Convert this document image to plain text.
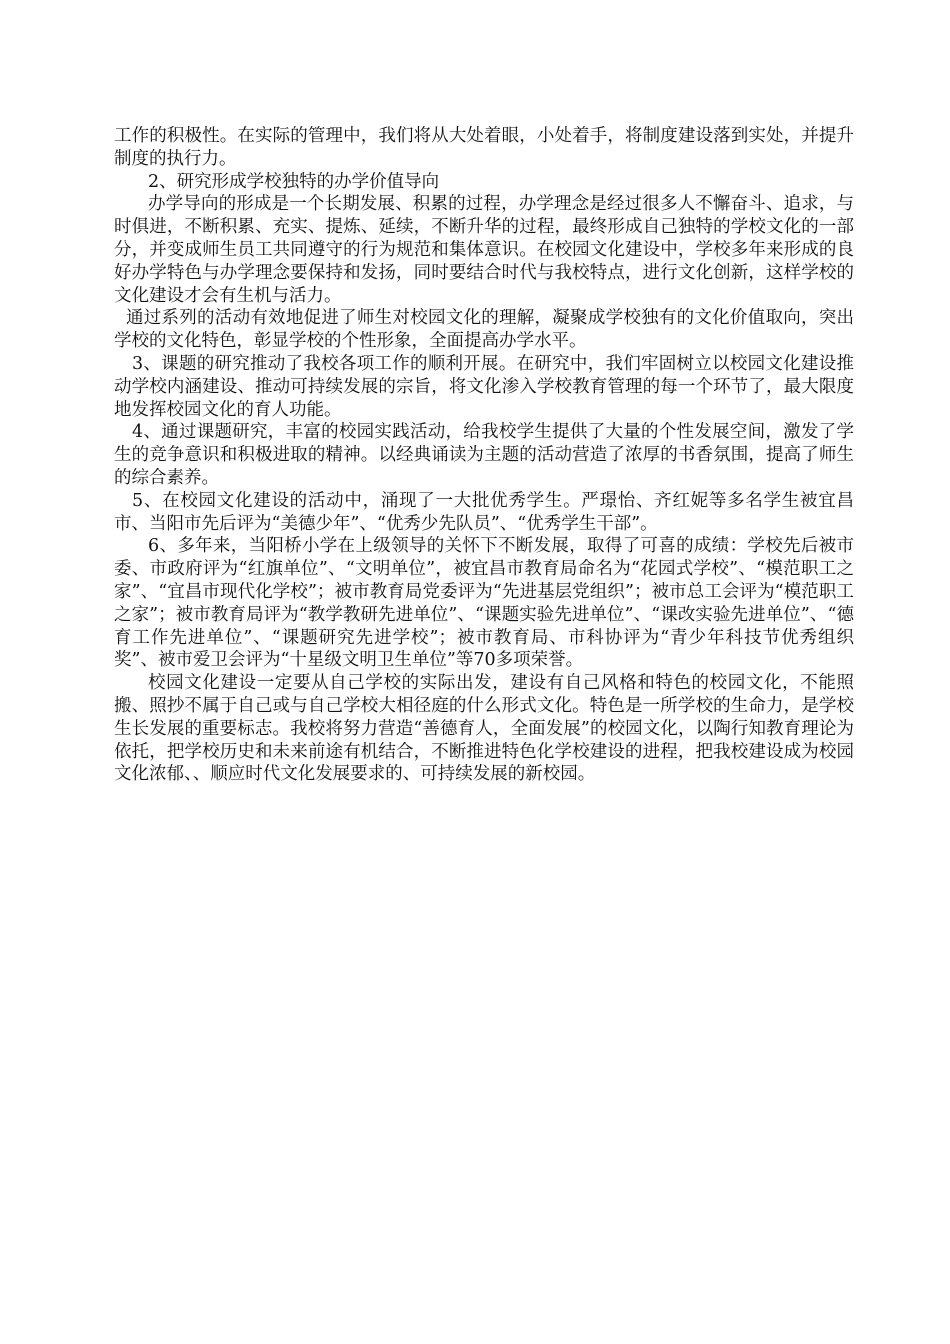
工作的积极性。在实际的管理中，我们将从大处着眼，小处着手，将制度建设落到实处，并提升制度的执行力。

2、研究形成学校独特的办学价值导向

办学导向的形成是一个长期发展、积累的过程，办学理念是经过很多人不懈奋斗、追求，与时俱进，不断积累、充实、提炼、延续，不断升华的过程，最终形成自己独特的学校文化的一部分，并变成师生员工共同遵守的行为规范和集体意识。在校园文化建设中，学校多年来形成的良好办学特色与办学理念要保持和发扬，同时要结合时代与我校特点，进行文化创新，这样学校的文化建设才会有生机与活力。

通过系列的活动有效地促进了师生对校园文化的理解，凝聚成学校独有的文化价值取向，突出学校的文化特色，彰显学校的个性形象，全面提高办学水平。

3、课题的研究推动了我校各项工作的顺利开展。在研究中，我们牢固树立以校园文化建设推动学校内涵建设、推动可持续发展的宗旨，将文化渗入学校教育管理的每一个环节了，最大限度地发挥校园文化的育人功能。

4、通过课题研究，丰富的校园实践活动，给我校学生提供了大量的个性发展空间，激发了学生的竞争意识和积极进取的精神。以经典诵读为主题的活动营造了浓厚的书香氛围，提高了师生的综合素养。

5、在校园文化建设的活动中，涌现了一大批优秀学生。严璟怡、齐红妮等多名学生被宜昌市、当阳市先后评为“美德少年”、“优秀少先队员”、“优秀学生干部”。

6、多年来，当阳桥小学在上级领导的关怀下不断发展，取得了可喜的成绩：学校先后被市委、市政府评为“红旗单位”、“文明单位”，被宜昌市教育局命名为“花园式学校”、“模范职工之家”、“宜昌市现代化学校”；被市教育局党委评为“先进基层党组织”；被市总工会评为“模范职工之家”；被市教育局评为“教学教研先进单位”、“课题实验先进单位”、“课改实验先进单位”、“德育工作先进单位”、“课题研究先进学校”；被市教育局、市科协评为“青少年科技节优秀组织奖”、被市爱卫会评为“十星级文明卫生单位”等70多项荣誉。

校园文化建设一定要从自己学校的实际出发，建设有自己风格和特色的校园文化，不能照搬、照抄不属于自己或与自己学校大相径庭的什么形式文化。特色是一所学校的生命力，是学校生长发展的重要标志。我校将努力营造“善德育人，全面发展”的校园文化，以陶行知教育理论为依托，把学校历史和未来前途有机结合，不断推进特色化学校建设的进程，把我校建设成为校园文化浓郁、、顺应时代文化发展要求的、可持续发展的新校园。
